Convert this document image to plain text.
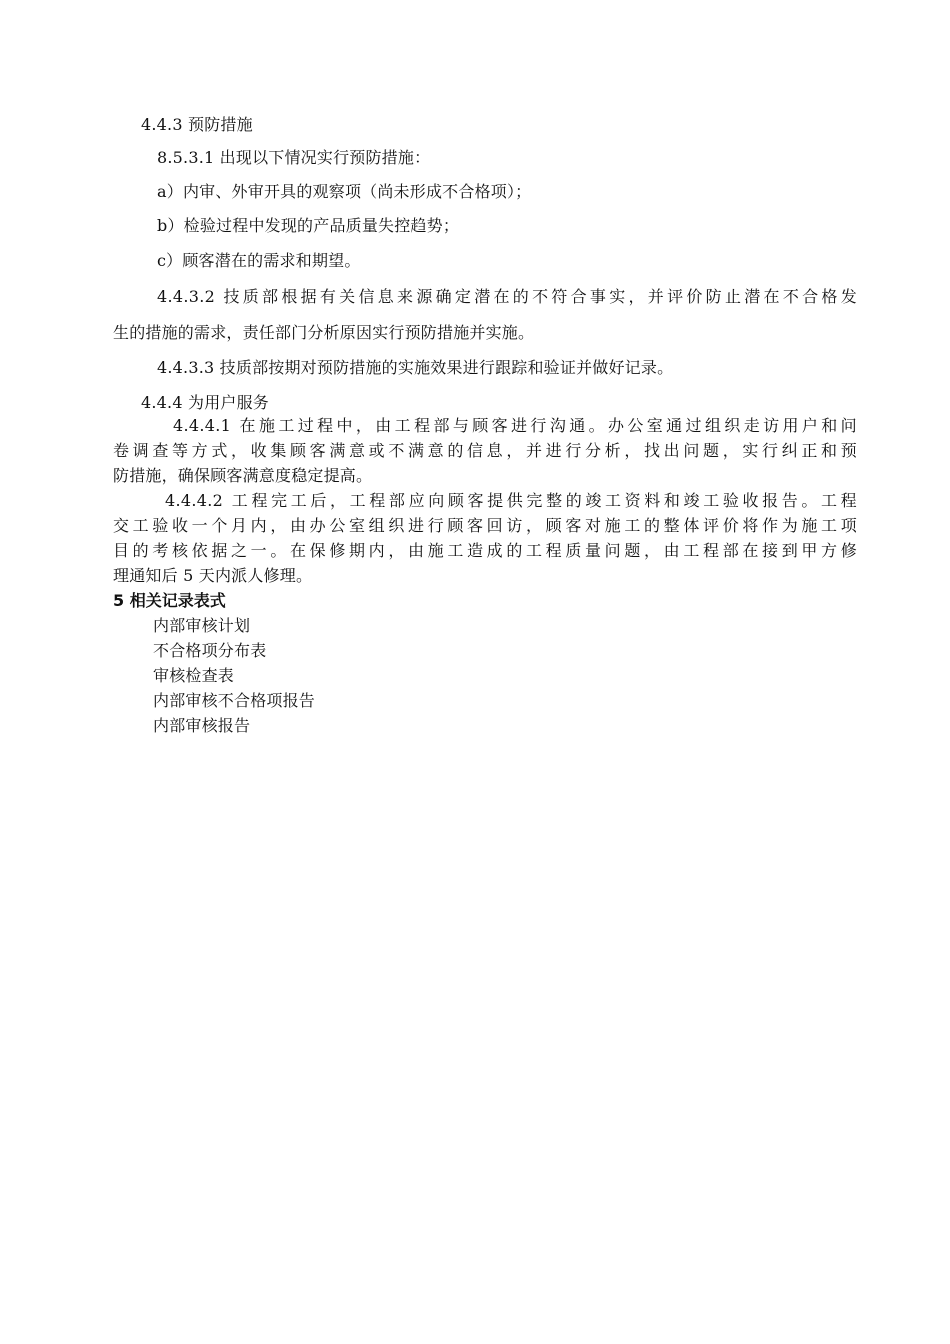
4.4.3 预防措施
8.5.3.1 出现以下情况实行预防措施：
a）内审、外审开具的观察项（尚未形成不合格项）；
b）检验过程中发现的产品质量失控趋势；
c）顾客潜在的需求和期望。
4.4.3.2 技质部根据有关信息来源确定潜在的不符合事实，并评价防止潜在不合格发
生的措施的需求，责任部门分析原因实行预防措施并实施。
4.4.3.3 技质部按期对预防措施的实施效果进行跟踪和验证并做好记录。
4.4.4 为用户服务
4.4.4.1 在施工过程中，由工程部与顾客进行沟通。办公室通过组织走访用户和问
卷调查等方式，收集顾客满意或不满意的信息，并进行分析，找出问题，实行纠正和预
防措施，确保顾客满意度稳定提高。
4.4.4.2 工程完工后，工程部应向顾客提供完整的竣工资料和竣工验收报告。工程
交工验收一个月内，由办公室组织进行顾客回访，顾客对施工的整体评价将作为施工项
目的考核依据之一。在保修期内，由施工造成的工程质量问题，由工程部在接到甲方修
理通知后 5 天内派人修理。
5 相关记录表式
内部审核计划
不合格项分布表
审核检查表
内部审核不合格项报告
内部审核报告
